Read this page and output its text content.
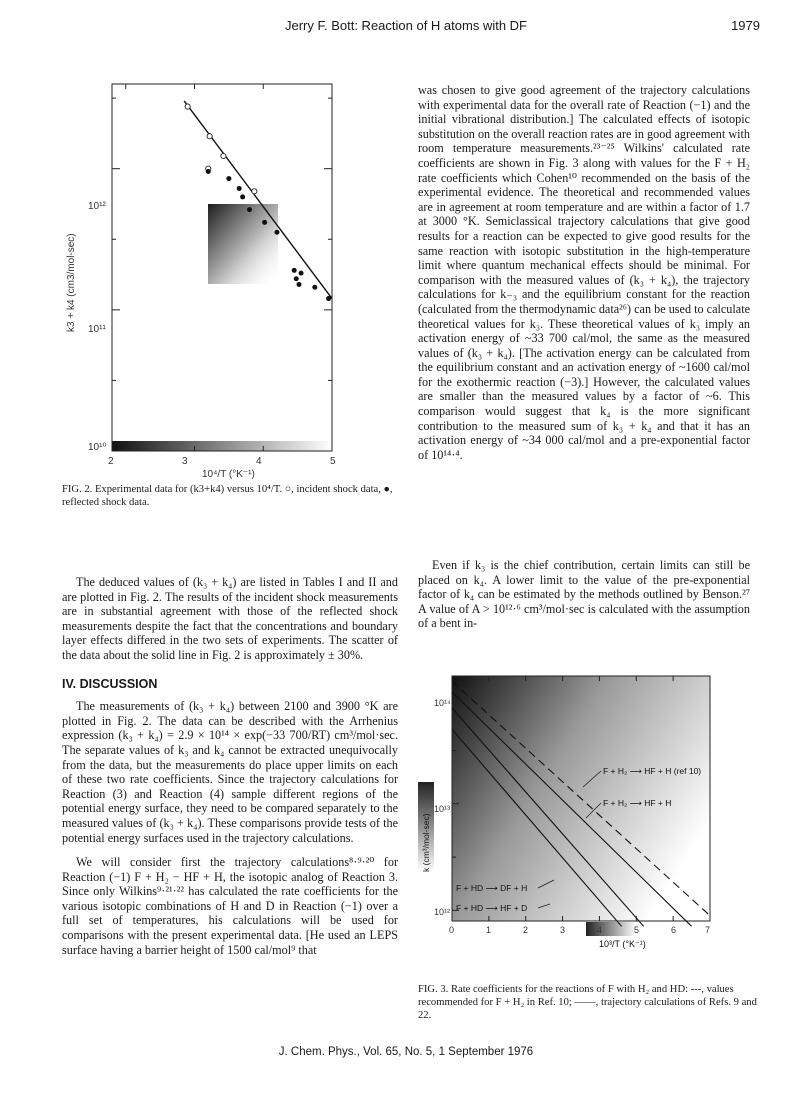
Jerry F. Bott: Reaction of H atoms with DF	1979
10¹²
10¹¹
10¹⁰
2	3	4	5
k3 + k4 (cm3/mol-sec)
10⁴/T (°K⁻¹)
FIG. 2. Experimental data for (k3+k4) versus 10⁴/T. ○, incident shock data, ●, reflected shock data.

The deduced values of (k₃ + k₄) are listed in Tables I and II and are plotted in Fig. 2. The results of the incident shock measurements are in substantial agreement with those of the reflected shock measurements despite the fact that the concentrations and boundary layer effects differed in the two sets of experiments. The scatter of the data about the solid line in Fig. 2 is approximately ± 30%.

IV. DISCUSSION

The measurements of (k₃ + k₄) between 2100 and 3900 °K are plotted in Fig. 2. The data can be described with the Arrhenius expression (k₃ + k₄) = 2.9 × 10¹⁴ × exp(−33 700/RT) cm³/mol·sec. The separate values of k₃ and k₄ cannot be extracted unequivocally from the data, but the measurements do place upper limits on each of these two rate coefficients. Since the trajectory calculations for Reaction (3) and Reaction (4) sample different regions of the potential energy surface, they need to be compared separately to the measured values of (k₃ + k₄). These comparisons provide tests of the potential energy surfaces used in the trajectory calculations.

We will consider first the trajectory calculations⁸·⁹·²⁰ for Reaction (−1) F + H₂ − HF + H, the isotopic analog of Reaction 3. Since only Wilkins⁹·²¹·²² has calculated the rate coefficients for the various isotopic combinations of H and D in Reaction (−1) over a full set of temperatures, his calculations will be used for comparisons with the present experimental data. [He used an LEPS surface having a barrier height of 1500 cal/mol⁹ that

was chosen to give good agreement of the trajectory calculations with experimental data for the overall rate of Reaction (−1) and the initial vibrational distribution.] The calculated effects of isotopic substitution on the overall reaction rates are in good agreement with room temperature measurements.²³⁻²⁵ Wilkins' calculated rate coefficients are shown in Fig. 3 along with values for the F + H₂ rate coefficients which Cohen¹⁰ recommended on the basis of the experimental evidence. The theoretical and recommended values are in agreement at room temperature and are within a factor of 1.7 at 3000 °K. Semiclassical trajectory calculations that give good results for a reaction can be expected to give good results for the same reaction with isotopic substitution in the high-temperature limit where quantum mechanical effects should be minimal. For comparison with the measured values of (k₃ + k₄), the trajectory calculations for k₋₃ and the equilibrium constant for the reaction (calculated from the thermodynamic data²⁶) can be used to calculate theoretical values for k₃. These theoretical values of k₃ imply an activation energy of ~33 700 cal/mol, the same as the measured values of (k₃ + k₄). [The activation energy can be calculated from the equilibrium constant and an activation energy of ~1600 cal/mol for the exothermic reaction (−3).] However, the calculated values are smaller than the measured values by a factor of ~6. This comparison would suggest that k₄ is the more significant contribution to the measured sum of k₃ + k₄ and that it has an activation energy of ~34 000 cal/mol and a pre-exponential factor of 10¹⁴·⁴.

Even if k₃ is the chief contribution, certain limits can still be placed on k₄. A lower limit to the value of the pre-exponential factor of k₄ can be estimated by the methods outlined by Benson.²⁷ A value of A > 10¹²·⁶ cm³/mol·sec is calculated with the assumption of a bent in-

F + H₂ ⟶ HF + H (ref 10)
F + H₂ ⟶ HF + H
F + HD ⟶ DF + H
F + HD ⟶ HF + D
10¹⁴
10¹³
10¹²
0	1	2	3	4	5	6	7
k (cm³/mol-sec)
10³/T (°K⁻¹)
FIG. 3. Rate coefficients for the reactions of F with H₂ and HD: ---, values recommended for F + H₂ in Ref. 10; ——, trajectory calculations of Refs. 9 and 22.
J. Chem. Phys., Vol. 65, No. 5, 1 September 1976
